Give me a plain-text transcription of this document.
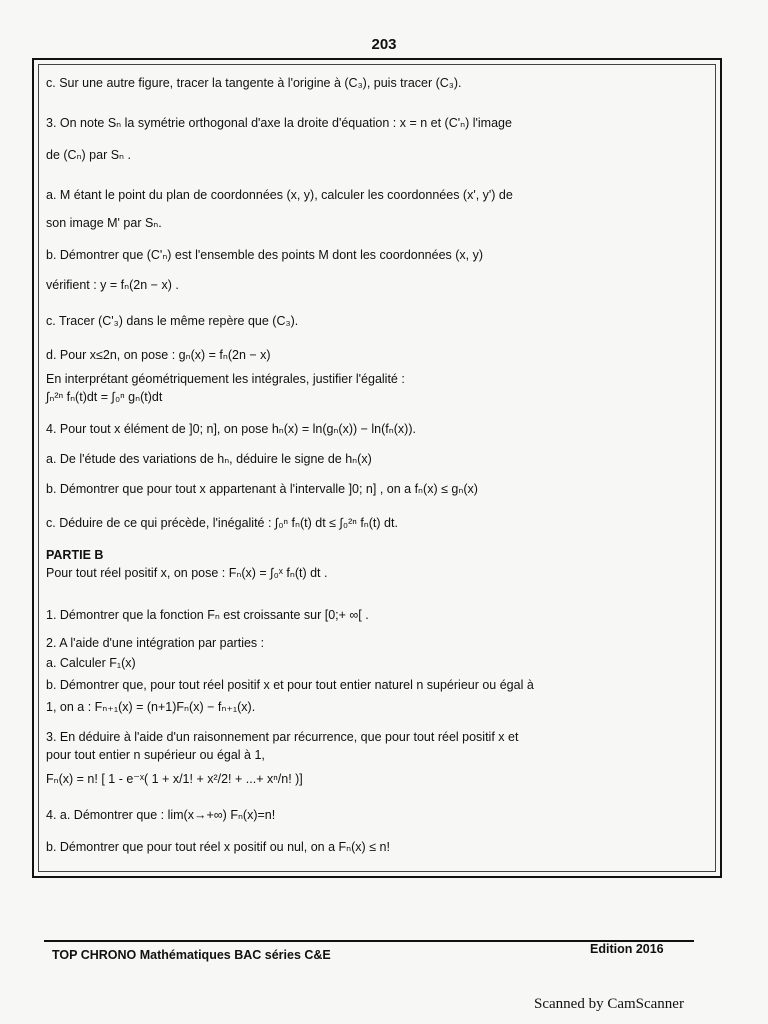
203
c. Sur une autre figure, tracer la tangente à l'origine à (C₃), puis tracer (C₃).
3. On note Sₙ la symétrie orthogonal d'axe la droite d'équation : x = n et (C'ₙ) l'image
de (Cₙ) par Sₙ .
a. M étant le point du plan de coordonnées (x, y), calculer les coordonnées (x', y') de
son image M' par Sₙ.
b. Démontrer que (C'ₙ) est l'ensemble des points M dont les coordonnées (x, y)
vérifient : y = fₙ(2n − x) .
c. Tracer (C'₃) dans le même repère que (C₃).
d. Pour x≤2n, on pose : gₙ(x) = fₙ(2n − x)
En interprétant géométriquement les intégrales, justifier l'égalité :
∫ₙ²ⁿ fₙ(t)dt = ∫₀ⁿ gₙ(t)dt
4. Pour tout x élément de ]0; n], on pose hₙ(x) = ln(gₙ(x)) − ln(fₙ(x)).
a. De l'étude des variations de hₙ, déduire le signe de hₙ(x)
b. Démontrer que pour tout x appartenant à l'intervalle ]0; n] , on a fₙ(x) ≤ gₙ(x)
c. Déduire de ce qui précède, l'inégalité : ∫₀ⁿ fₙ(t) dt ≤ ∫₀²ⁿ fₙ(t) dt.
PARTIE B
Pour tout réel positif x, on pose : Fₙ(x) = ∫₀ˣ fₙ(t) dt .
1. Démontrer que la fonction Fₙ est croissante sur [0;+ ∞[ .
2. A l'aide d'une intégration par parties :
a. Calculer F₁(x)
b. Démontrer que, pour tout réel positif x et pour tout entier naturel n supérieur ou égal à
1, on a : Fₙ₊₁(x) = (n+1)Fₙ(x) − fₙ₊₁(x).
3. En déduire à l'aide d'un raisonnement par récurrence, que pour tout réel positif x et
pour tout entier n supérieur ou égal à 1,
Fₙ(x) = n! [ 1 - e⁻ˣ( 1 + x/1! + x²/2! + ...+ xⁿ/n! )]
4. a. Démontrer que : lim(x→+∞) Fₙ(x)=n!
b. Démontrer que pour tout réel x positif ou nul, on a Fₙ(x) ≤ n!
TOP CHRONO Mathématiques BAC séries C&E	Edition 2016
Scanned by CamScanner
